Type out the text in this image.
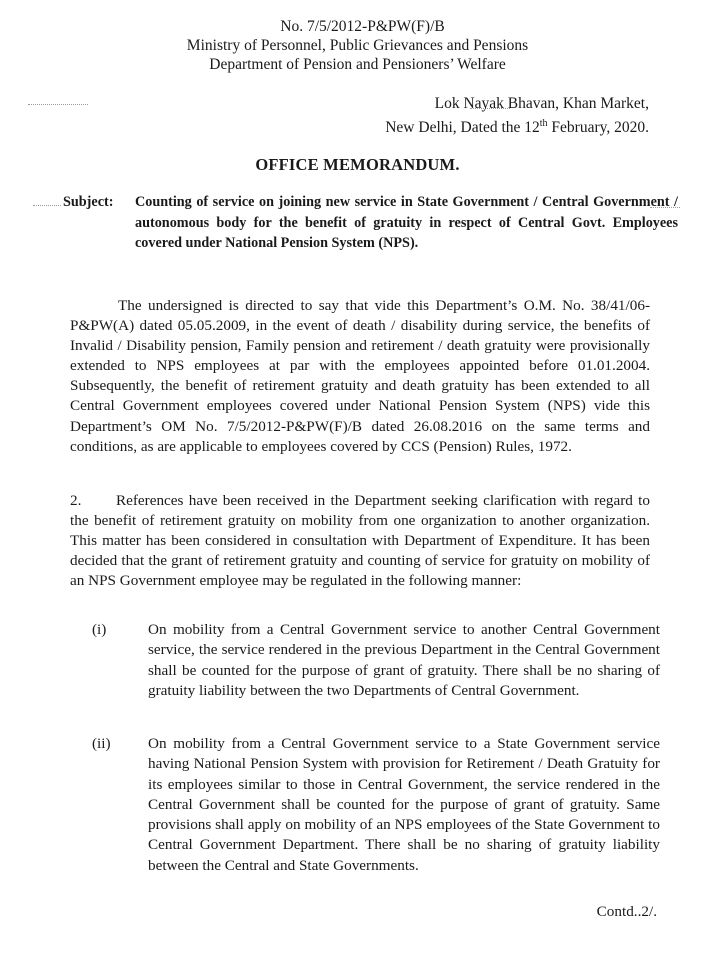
No. 7/5/2012-P&PW(F)/B
Ministry of Personnel, Public Grievances and Pensions
Department of Pension and Pensioners’ Welfare
Lok Nayak Bhavan, Khan Market,
New Delhi, Dated the 12th February, 2020.
OFFICE MEMORANDUM.
Subject: Counting of service on joining new service in State Government / Central Government / autonomous body for the benefit of gratuity in respect of Central Govt. Employees covered under National Pension System (NPS).
The undersigned is directed to say that vide this Department’s O.M. No. 38/41/06-P&PW(A) dated 05.05.2009, in the event of death / disability during service, the benefits of Invalid / Disability pension, Family pension and retirement / death gratuity were provisionally extended to NPS employees at par with the employees appointed before 01.01.2004. Subsequently, the benefit of retirement gratuity and death gratuity has been extended to all Central Government employees covered under National Pension System (NPS) vide this Department’s OM No. 7/5/2012-P&PW(F)/B dated 26.08.2016 on the same terms and conditions, as are applicable to employees covered by CCS (Pension) Rules, 1972.
2. References have been received in the Department seeking clarification with regard to the benefit of retirement gratuity on mobility from one organization to another organization. This matter has been considered in consultation with Department of Expenditure. It has been decided that the grant of retirement gratuity and counting of service for gratuity on mobility of an NPS Government employee may be regulated in the following manner:
(i)	On mobility from a Central Government service to another Central Government service, the service rendered in the previous Department in the Central Government shall be counted for the purpose of grant of gratuity. There shall be no sharing of gratuity liability between the two Departments of Central Government.
(ii) On mobility from a Central Government service to a State Government service having National Pension System with provision for Retirement / Death Gratuity for its employees similar to those in Central Government, the service rendered in the Central Government shall be counted for the purpose of grant of gratuity. Same provisions shall apply on mobility of an NPS employees of the State Government to Central Government Department. There shall be no sharing of gratuity liability between the Central and State Governments.
Contd..2/.
